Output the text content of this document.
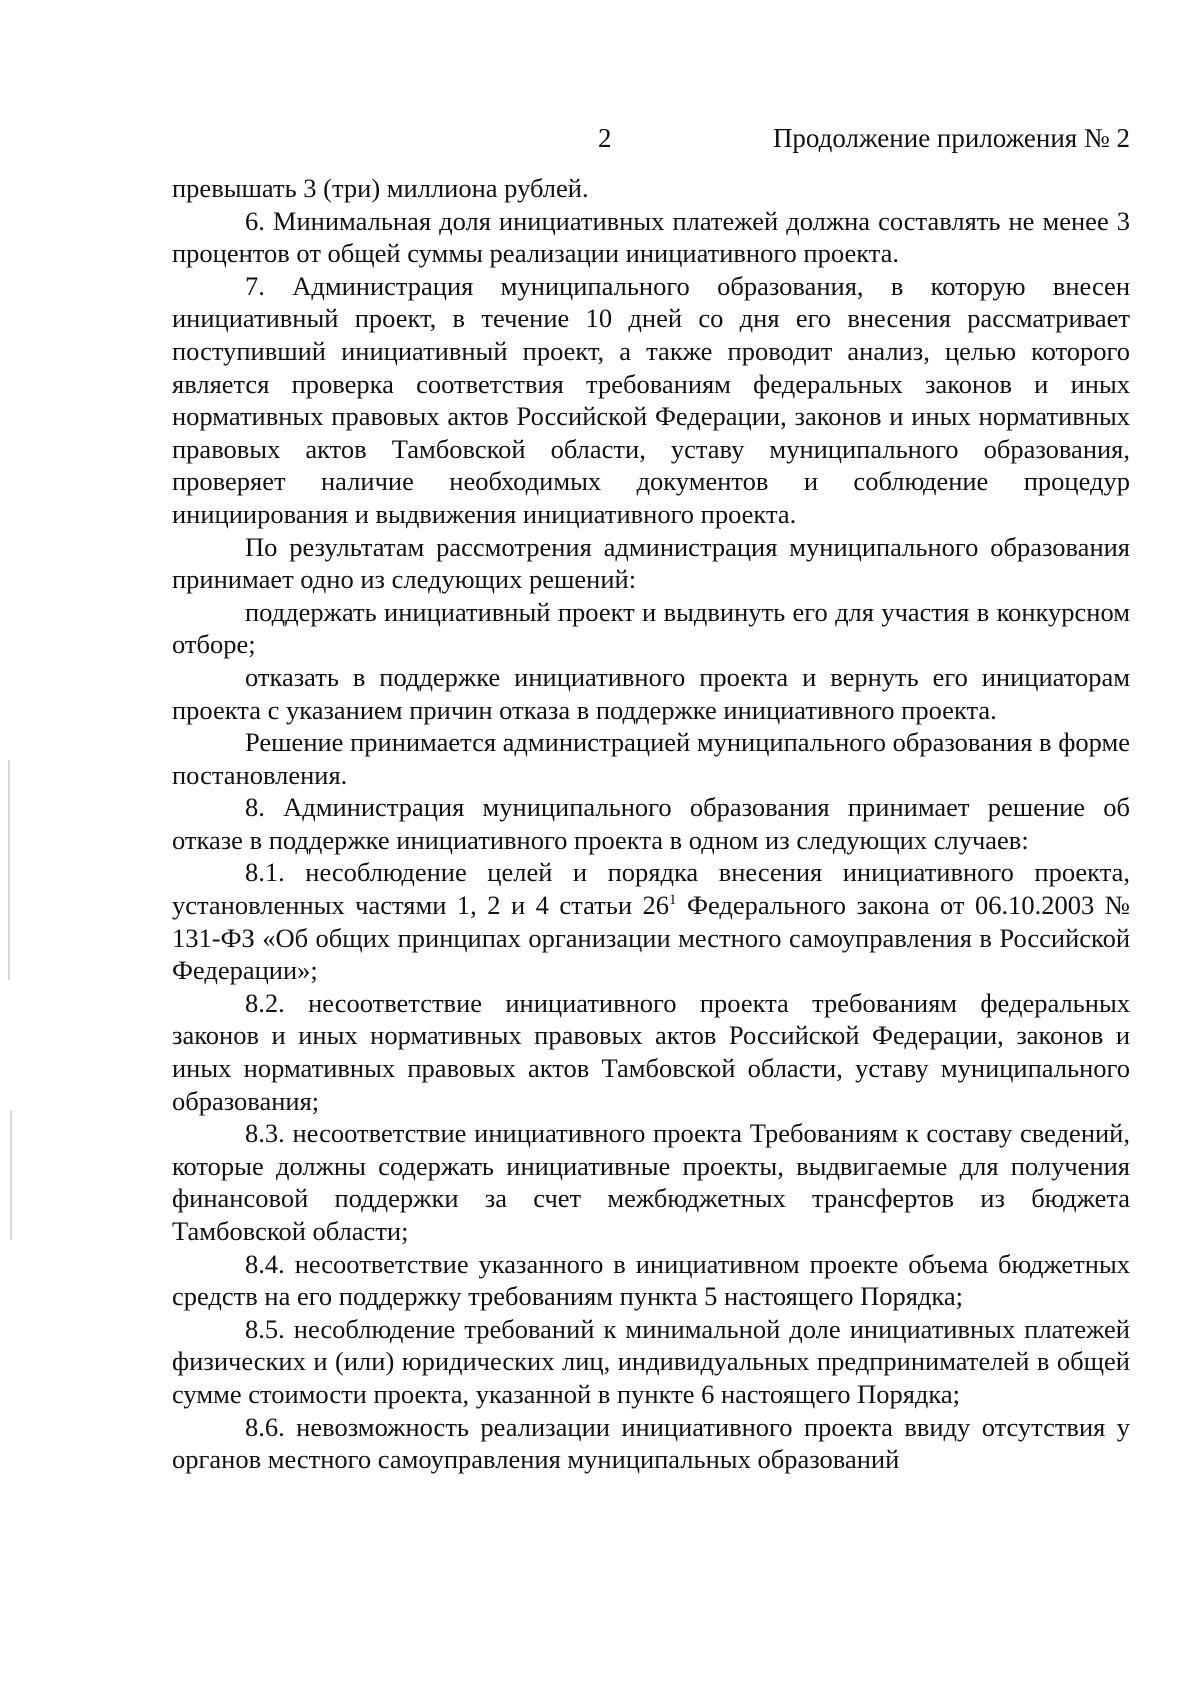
2	Продолжение приложения № 2

превышать 3 (три) миллиона рублей.

6. Минимальная доля инициативных платежей должна составлять не менее 3 процентов от общей суммы реализации инициативного проекта.

7. Администрация муниципального образования, в которую внесен инициативный проект, в течение 10 дней со дня его внесения рассматривает поступивший инициативный проект, а также проводит анализ, целью которого является проверка соответствия требованиям федеральных законов и иных нормативных правовых актов Российской Федерации, законов и иных нормативных правовых актов Тамбовской области, уставу муниципального образования, проверяет наличие необходимых документов и соблюдение процедур инициирования и выдвижения инициативного проекта.

По результатам рассмотрения администрация муниципального образования принимает одно из следующих решений:

поддержать инициативный проект и выдвинуть его для участия в конкурсном отборе;

отказать в поддержке инициативного проекта и вернуть его инициаторам проекта с указанием причин отказа в поддержке инициативного проекта.

Решение принимается администрацией муниципального образования в форме постановления.

8. Администрация муниципального образования принимает решение об отказе в поддержке инициативного проекта в одном из следующих случаев:

8.1. несоблюдение целей и порядка внесения инициативного проекта, установленных частями 1, 2 и 4 статьи $26^1$ Федерального закона от 06.10.2003 № 131-ФЗ «Об общих принципах организации местного самоуправления в Российской Федерации»;

8.2. несоответствие инициативного проекта требованиям федеральных законов и иных нормативных правовых актов Российской Федерации, законов и иных нормативных правовых актов Тамбовской области, уставу муниципального образования;

8.3. несоответствие инициативного проекта Требованиям к составу сведений, которые должны содержать инициативные проекты, выдвигаемые для получения финансовой поддержки за счет межбюджетных трансфертов из бюджета Тамбовской области;

8.4. несоответствие указанного в инициативном проекте объема бюджетных средств на его поддержку требованиям пункта 5 настоящего Порядка;

8.5. несоблюдение требований к минимальной доле инициативных платежей физических и (или) юридических лиц, индивидуальных предпринимателей в общей сумме стоимости проекта, указанной в пункте 6 настоящего Порядка;

8.6. невозможность реализации инициативного проекта ввиду отсутствия у органов местного самоуправления муниципальных образований
